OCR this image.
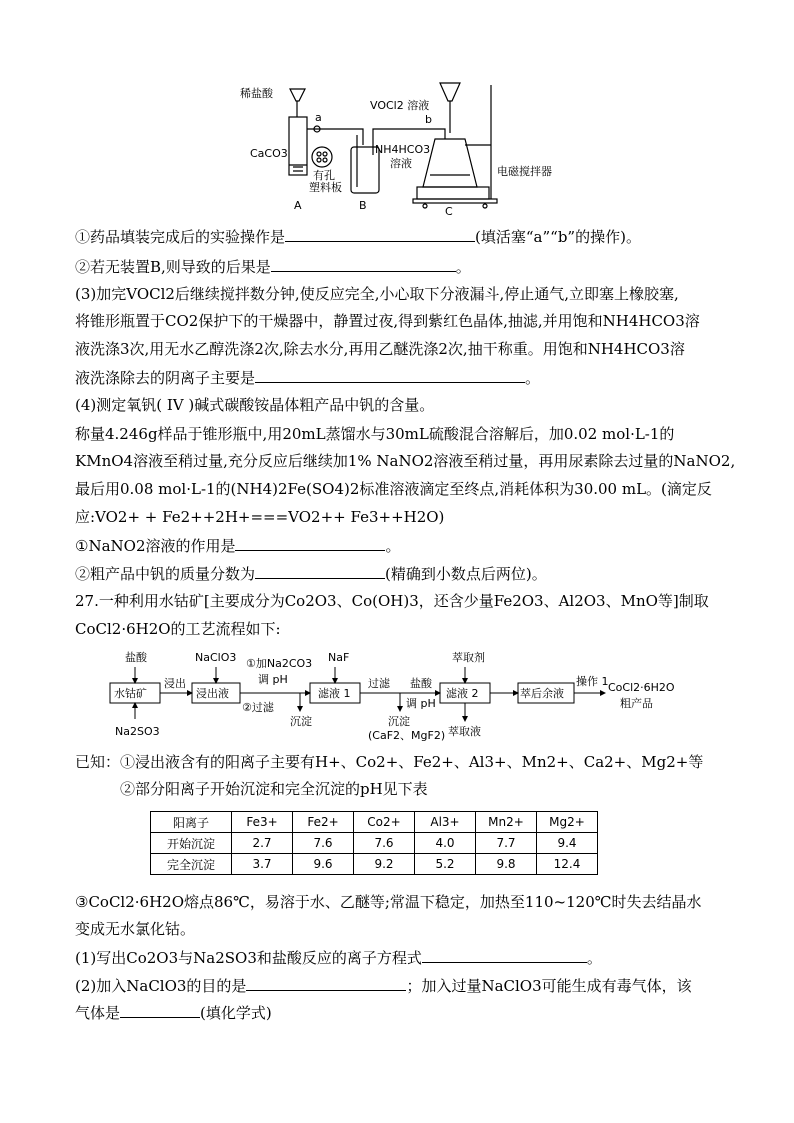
稀盐酸
a
CaCO3
有孔
塑料板
A	B
VOCl2 溶液
b
NH4HCO3
溶液
电磁搅拌器
C
①药品填装完成后的实验操作是	(填活塞“a”“b”的操作)。
②若无装置B,则导致的后果是	。
(3)加完VOCl2后继续搅拌数分钟,使反应完全,小心取下分液漏斗,停止通气,立即塞上橡胶塞,
将锥形瓶置于CO2保护下的干燥器中，静置过夜,得到紫红色晶体,抽滤,并用饱和NH4HCO3溶
液洗涤3次,用无水乙醇洗涤2次,除去水分,再用乙醚洗涤2次,抽干称重。用饱和NH4HCO3溶
液洗涤除去的阴离子主要是	。
(4)测定氧钒( IV )碱式碳酸铵晶体粗产品中钒的含量。
称量4.246g样品于锥形瓶中,用20mL蒸馏水与30mL硫酸混合溶解后，加0.02 mol·L-1的
KMnO4溶液至稍过量,充分反应后继续加1% NaNO2溶液至稍过量，再用尿素除去过量的NaNO2,
最后用0.08 mol·L-1的(NH4)2Fe(SO4)2标准溶液滴定至终点,消耗体积为30.00 mL。(滴定反
应:VO2+ + Fe2++2H+===VO2++ Fe3++H2O)
①NaNO2溶液的作用是	。
②粗产品中钒的质量分数为	(精确到小数点后两位)。
27.一种利用水钴矿[主要成分为Co2O3、Co(OH)3，还含少量Fe2O3、Al2O3、MnO等]制取
CoCl2·6H2O的工艺流程如下:
盐酸
浸出
水钴矿
Na2SO3
NaClO3
浸出液
①加Na2CO3
调 pH
②过滤
沉淀
NaF
滤液 1
过滤
沉淀
(CaF2、MgF2)
盐酸
调 pH
萃取剂
滤液 2
萃取液
萃后余液
操作 1 CoCl2·6H2O
粗产品
已知：①浸出液含有的阳离子主要有H+、Co2+、Fe2+、Al3+、Mn2+、Ca2+、Mg2+等
②部分阳离子开始沉淀和完全沉淀的pH见下表
阳离子	Fe3+	Fe2+	Co2+	Al3+	Mn2+	Mg2+
开始沉淀	2.7	7.6	7.6	4.0	7.7	9.4
完全沉淀	3.7	9.6	9.2	5.2	9.8	12.4
③CoCl2·6H2O熔点86℃，易溶于水、乙醚等;常温下稳定，加热至110~120℃时失去结晶水
变成无水氯化钴。
(1)写出Co2O3与Na2SO3和盐酸反应的离子方程式	。
(2)加入NaClO3的目的是	；加入过量NaClO3可能生成有毒气体，该
气体是	(填化学式)
